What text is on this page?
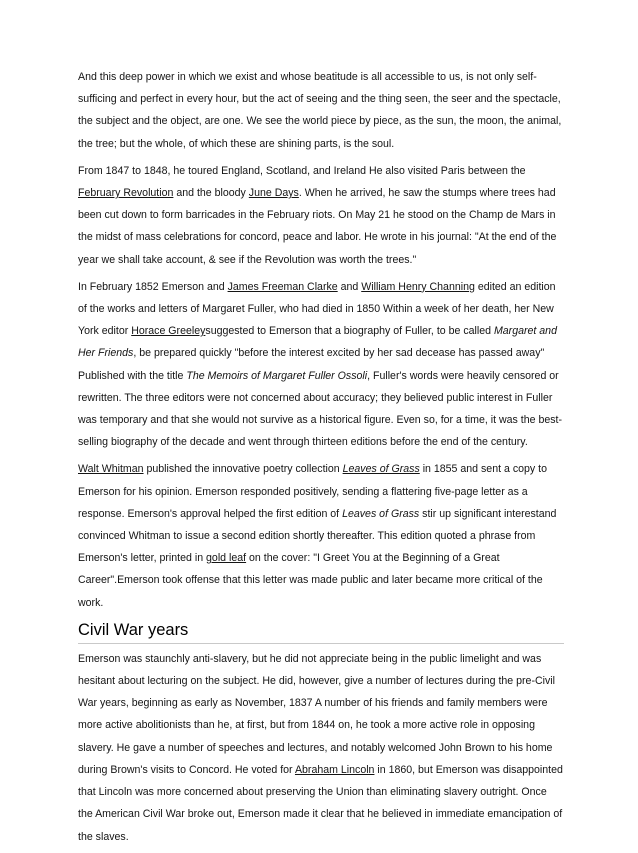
And this deep power in which we exist and whose beatitude is all accessible to us, is not only self-sufficing and perfect in every hour, but the act of seeing and the thing seen, the seer and the spectacle, the subject and the object, are one. We see the world piece by piece, as the sun, the moon, the animal, the tree; but the whole, of which these are shining parts, is the soul.

From 1847 to 1848, he toured England, Scotland, and Ireland He also visited Paris between the February Revolution and the bloody June Days. When he arrived, he saw the stumps where trees had been cut down to form barricades in the February riots. On May 21 he stood on the Champ de Mars in the midst of mass celebrations for concord, peace and labor. He wrote in his journal: "At the end of the year we shall take account, & see if the Revolution was worth the trees."

In February 1852 Emerson and James Freeman Clarke and William Henry Channing edited an edition of the works and letters of Margaret Fuller, who had died in 1850 Within a week of her death, her New York editor Horace Greeleysuggested to Emerson that a biography of Fuller, to be called Margaret and Her Friends, be prepared quickly "before the interest excited by her sad decease has passed away" Published with the title The Memoirs of Margaret Fuller Ossoli, Fuller's words were heavily censored or rewritten. The three editors were not concerned about accuracy; they believed public interest in Fuller was temporary and that she would not survive as a historical figure. Even so, for a time, it was the best-selling biography of the decade and went through thirteen editions before the end of the century.

Walt Whitman published the innovative poetry collection Leaves of Grass in 1855 and sent a copy to Emerson for his opinion. Emerson responded positively, sending a flattering five-page letter as a response. Emerson's approval helped the first edition of Leaves of Grass stir up significant interestand convinced Whitman to issue a second edition shortly thereafter. This edition quoted a phrase from Emerson's letter, printed in gold leaf on the cover: "I Greet You at the Beginning of a Great Career".Emerson took offense that this letter was made public and later became more critical of the work.

Civil War years

Emerson was staunchly anti-slavery, but he did not appreciate being in the public limelight and was hesitant about lecturing on the subject. He did, however, give a number of lectures during the pre-Civil War years, beginning as early as November, 1837 A number of his friends and family members were more active abolitionists than he, at first, but from 1844 on, he took a more active role in opposing slavery. He gave a number of speeches and lectures, and notably welcomed John Brown to his home during Brown's visits to Concord. He voted for Abraham Lincoln in 1860, but Emerson was disappointed that Lincoln was more concerned about preserving the Union than eliminating slavery outright. Once the American Civil War broke out, Emerson made it clear that he believed in immediate emancipation of the slaves.
